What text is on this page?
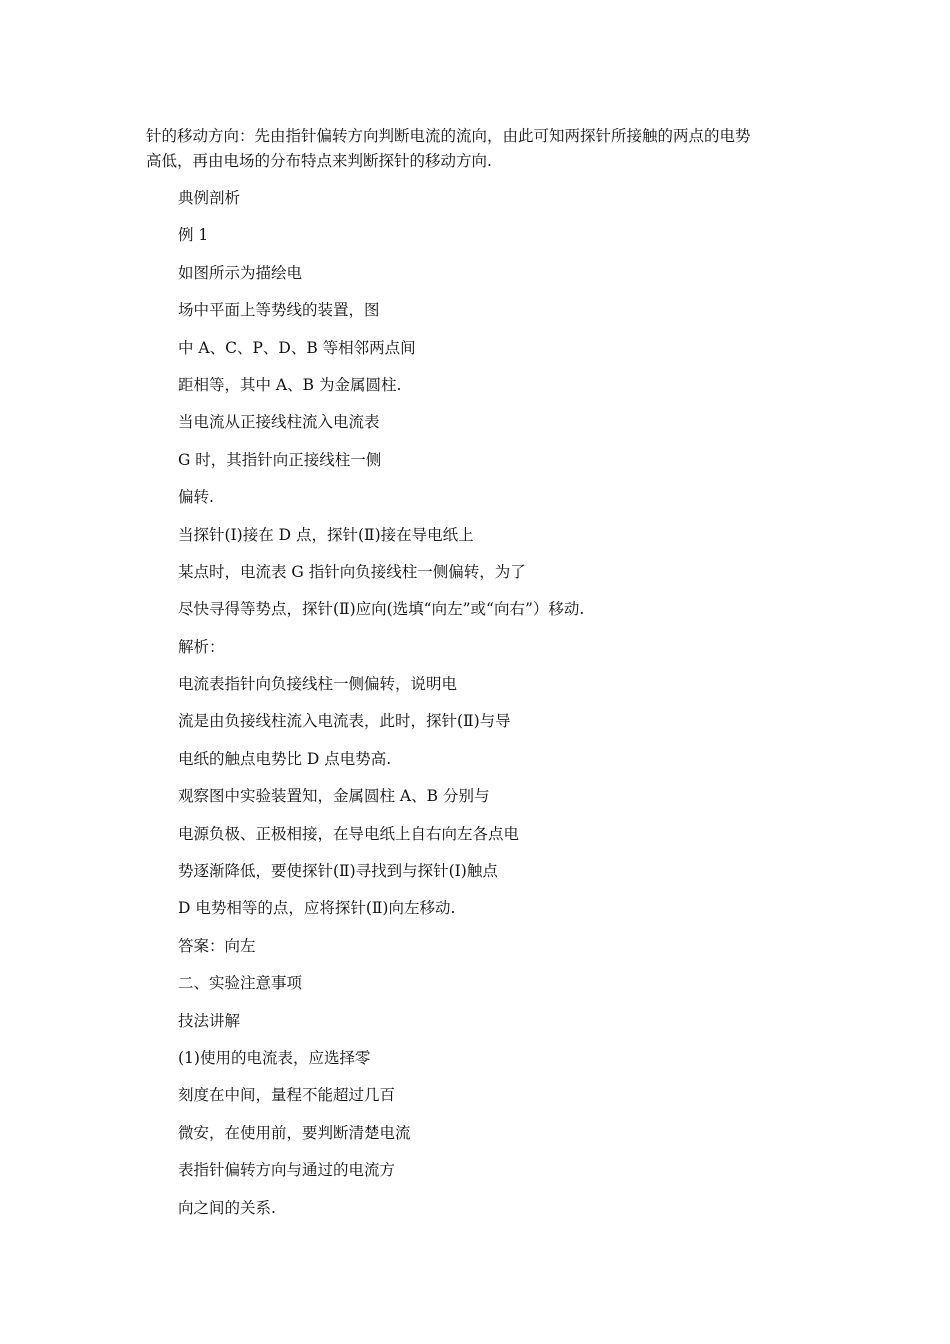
针的移动方向：先由指针偏转方向判断电流的流向，由此可知两探针所接触的两点的电势
高低，再由电场的分布特点来判断探针的移动方向.

典例剖析
例 1
如图所示为描绘电
场中平面上等势线的装置，图
中 A、C、P、D、B 等相邻两点间
距相等，其中 A、B 为金属圆柱.
当电流从正接线柱流入电流表
G 时，其指针向正接线柱一侧
偏转.
当探针(Ⅰ)接在 D 点，探针(Ⅱ)接在导电纸上
某点时，电流表 G 指针向负接线柱一侧偏转，为了
尽快寻得等势点，探针(Ⅱ)应向(选填“向左”或“向右”）移动.
解析：
电流表指针向负接线柱一侧偏转，说明电
流是由负接线柱流入电流表，此时，探针(Ⅱ)与导
电纸的触点电势比 D 点电势高.
观察图中实验装置知，金属圆柱 A、B 分别与
电源负极、正极相接，在导电纸上自右向左各点电
势逐渐降低，要使探针(Ⅱ)寻找到与探针(Ⅰ)触点
D 电势相等的点，应将探针(Ⅱ)向左移动.
答案：向左
二、实验注意事项
技法讲解
(1)使用的电流表，应选择零
刻度在中间，量程不能超过几百
微安，在使用前，要判断清楚电流
表指针偏转方向与通过的电流方
向之间的关系.
